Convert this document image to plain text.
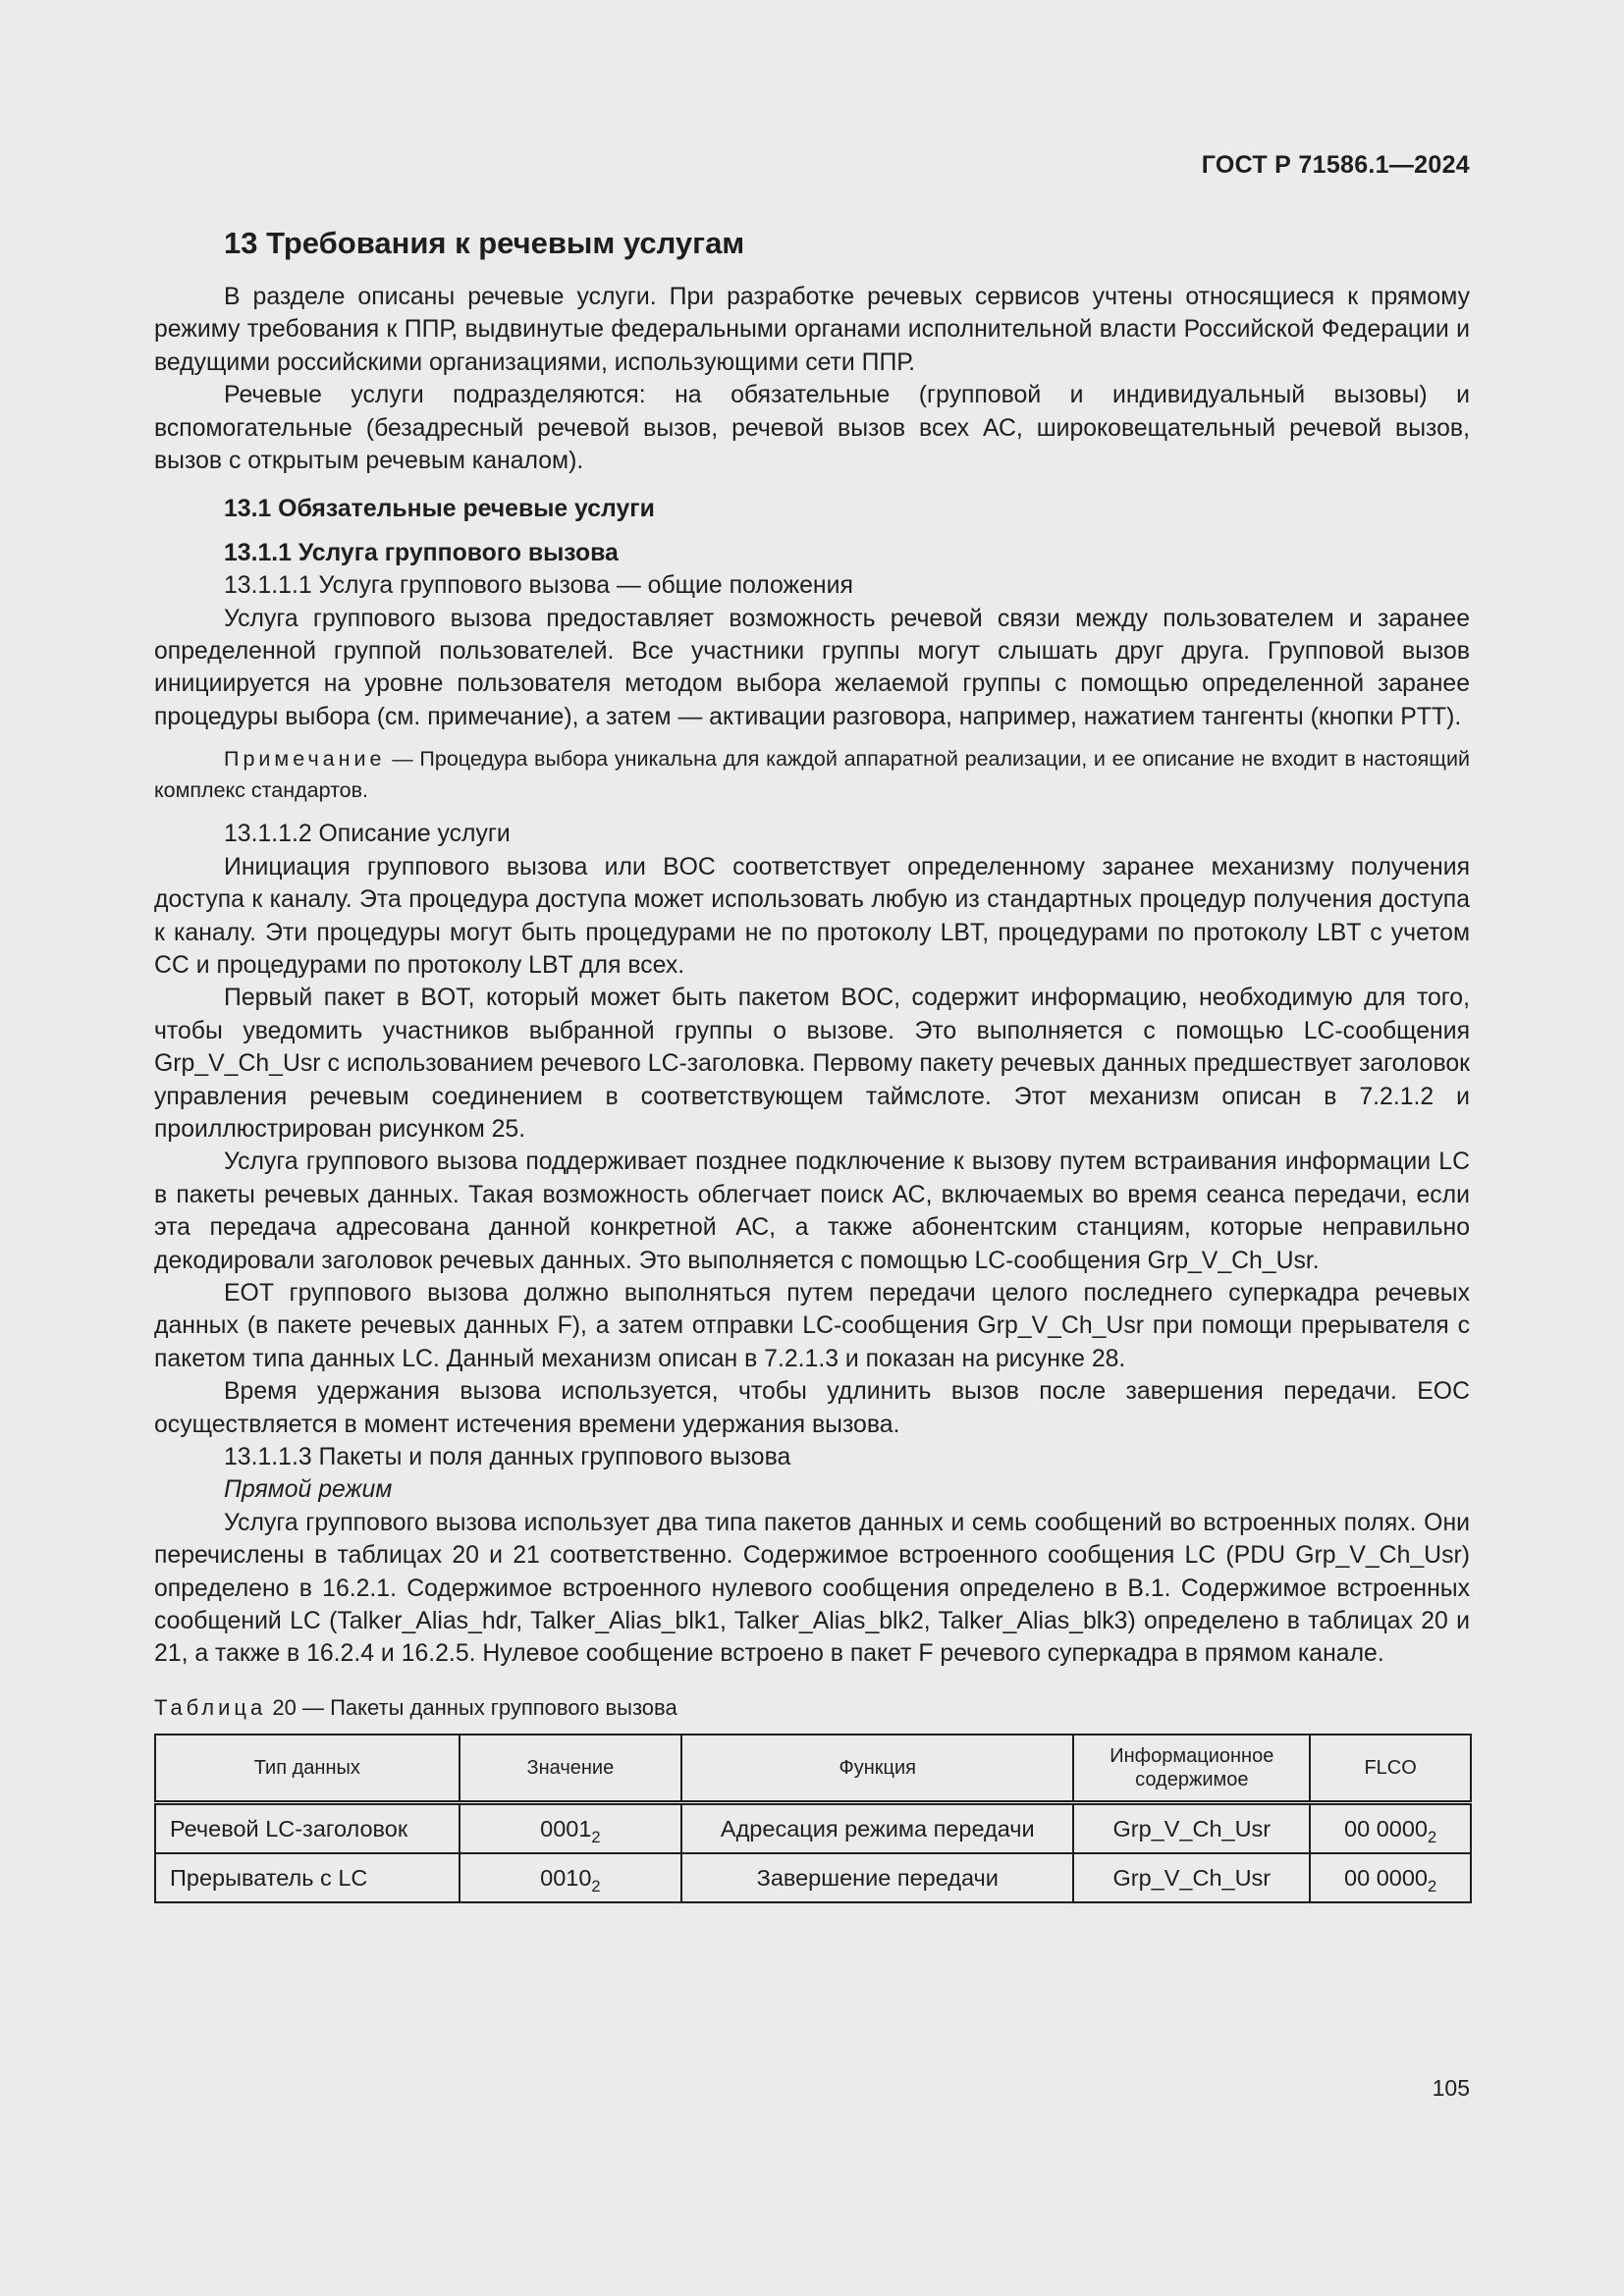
ГОСТ Р 71586.1—2024
13 Требования к речевым услугам

В разделе описаны речевые услуги. При разработке речевых сервисов учтены относящиеся к прямому режиму требования к ППР, выдвинутые федеральными органами исполнительной власти Российской Федерации и ведущими российскими организациями, использующими сети ППР.

Речевые услуги подразделяются: на обязательные (групповой и индивидуальный вызовы) и вспомогательные (безадресный речевой вызов, речевой вызов всех АС, широковещательный речевой вызов, вызов с открытым речевым каналом).

13.1 Обязательные речевые услуги

13.1.1 Услуга группового вызова

13.1.1.1 Услуга группового вызова — общие положения

Услуга группового вызова предоставляет возможность речевой связи между пользователем и заранее определенной группой пользователей. Все участники группы могут слышать друг друга. Групповой вызов инициируется на уровне пользователя методом выбора желаемой группы с помощью определенной заранее процедуры выбора (см. примечание), а затем — активации разговора, например, нажатием тангенты (кнопки PTT).

Примечание — Процедура выбора уникальна для каждой аппаратной реализации, и ее описание не входит в настоящий комплекс стандартов.

13.1.1.2 Описание услуги

Инициация группового вызова или BOC соответствует определенному заранее механизму получения доступа к каналу. Эта процедура доступа может использовать любую из стандартных процедур получения доступа к каналу. Эти процедуры могут быть процедурами не по протоколу LBT, процедурами по протоколу LBT с учетом CC и процедурами по протоколу LBT для всех.

Первый пакет в BOT, который может быть пакетом BOC, содержит информацию, необходимую для того, чтобы уведомить участников выбранной группы о вызове. Это выполняется с помощью LC-сообщения Grp_V_Ch_Usr с использованием речевого LC-заголовка. Первому пакету речевых данных предшествует заголовок управления речевым соединением в соответствующем таймслоте. Этот механизм описан в 7.2.1.2 и проиллюстрирован рисунком 25.

Услуга группового вызова поддерживает позднее подключение к вызову путем встраивания информации LC в пакеты речевых данных. Такая возможность облегчает поиск АС, включаемых во время сеанса передачи, если эта передача адресована данной конкретной АС, а также абонентским станциям, которые неправильно декодировали заголовок речевых данных. Это выполняется с помощью LC-сообщения Grp_V_Ch_Usr.

EOT группового вызова должно выполняться путем передачи целого последнего суперкадра речевых данных (в пакете речевых данных F), а затем отправки LC-сообщения Grp_V_Ch_Usr при помощи прерывателя с пакетом типа данных LC. Данный механизм описан в 7.2.1.3 и показан на рисунке 28.

Время удержания вызова используется, чтобы удлинить вызов после завершения передачи. EOC осуществляется в момент истечения времени удержания вызова.

13.1.1.3 Пакеты и поля данных группового вызова

Прямой режим

Услуга группового вызова использует два типа пакетов данных и семь сообщений во встроенных полях. Они перечислены в таблицах 20 и 21 соответственно. Содержимое встроенного сообщения LC (PDU Grp_V_Ch_Usr) определено в 16.2.1. Содержимое встроенного нулевого сообщения определено в B.1. Содержимое встроенных сообщений LC (Talker_Alias_hdr, Talker_Alias_blk1, Talker_Alias_blk2, Talker_Alias_blk3) определено в таблицах 20 и 21, а также в 16.2.4 и 16.2.5. Нулевое сообщение встроено в пакет F речевого суперкадра в прямом канале.

Таблица 20 — Пакеты данных группового вызова
Тип данных	Значение	Функция	Информационное содержимое	FLCO
Речевой LC-заголовок	$0001_2$	Адресация режима передачи	Grp_V_Ch_Usr	00 $0000_2$
Прерыватель с LC	$0010_2$	Завершение передачи	Grp_V_Ch_Usr	00 $0000_2$
105
